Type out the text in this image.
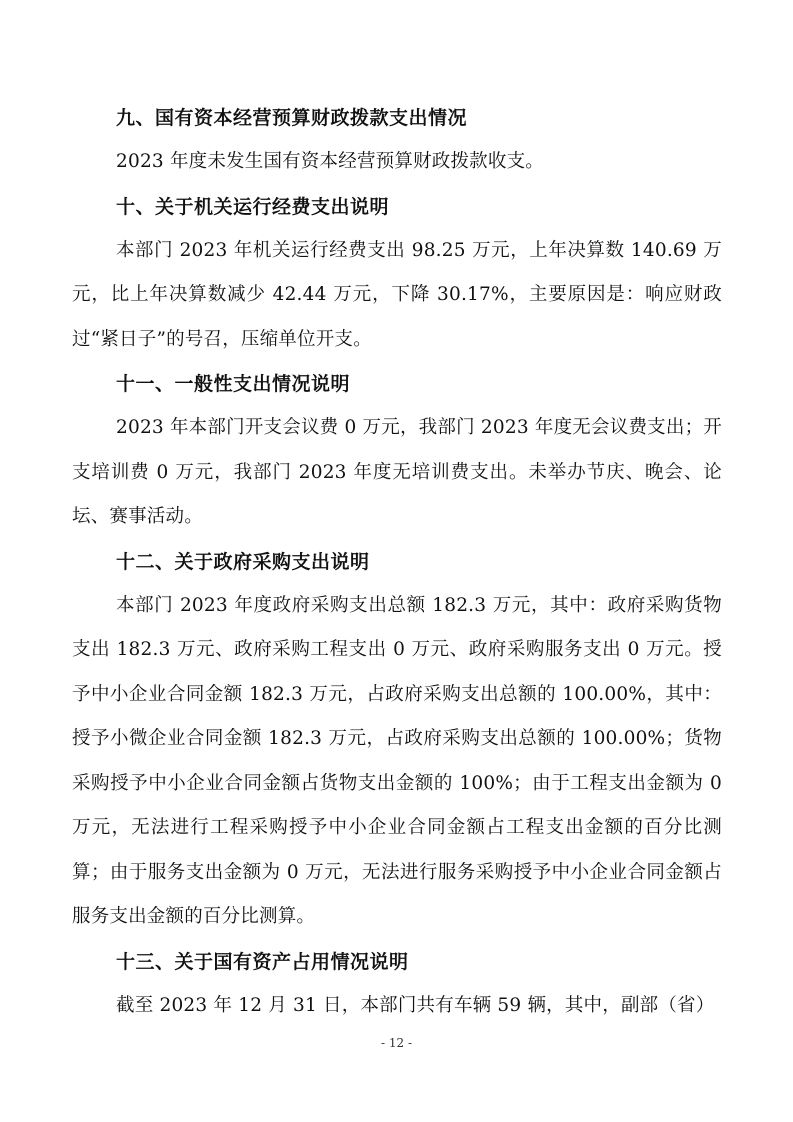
九、国有资本经营预算财政拨款支出情况

2023 年度未发生国有资本经营预算财政拨款收支。

十、关于机关运行经费支出说明

本部门 2023 年机关运行经费支出 98.25 万元，上年决算数 140.69 万元，比上年决算数减少 42.44 万元，下降 30.17%，主要原因是：响应财政过“紧日子”的号召，压缩单位开支。

十一、一般性支出情况说明

2023 年本部门开支会议费 0 万元，我部门 2023 年度无会议费支出；开支培训费 0 万元，我部门 2023 年度无培训费支出。未举办节庆、晚会、论坛、赛事活动。

十二、关于政府采购支出说明

本部门 2023 年度政府采购支出总额 182.3 万元，其中：政府采购货物支出 182.3 万元、政府采购工程支出 0 万元、政府采购服务支出 0 万元。授予中小企业合同金额 182.3 万元，占政府采购支出总额的 100.00%，其中：授予小微企业合同金额 182.3 万元，占政府采购支出总额的 100.00%；货物采购授予中小企业合同金额占货物支出金额的 100%；由于工程支出金额为 0 万元，无法进行工程采购授予中小企业合同金额占工程支出金额的百分比测算；由于服务支出金额为 0 万元，无法进行服务采购授予中小企业合同金额占服务支出金额的百分比测算。

十三、关于国有资产占用情况说明

截至 2023 年 12 月 31 日，本部门共有车辆 59 辆，其中，副部（省）

- 12 -
